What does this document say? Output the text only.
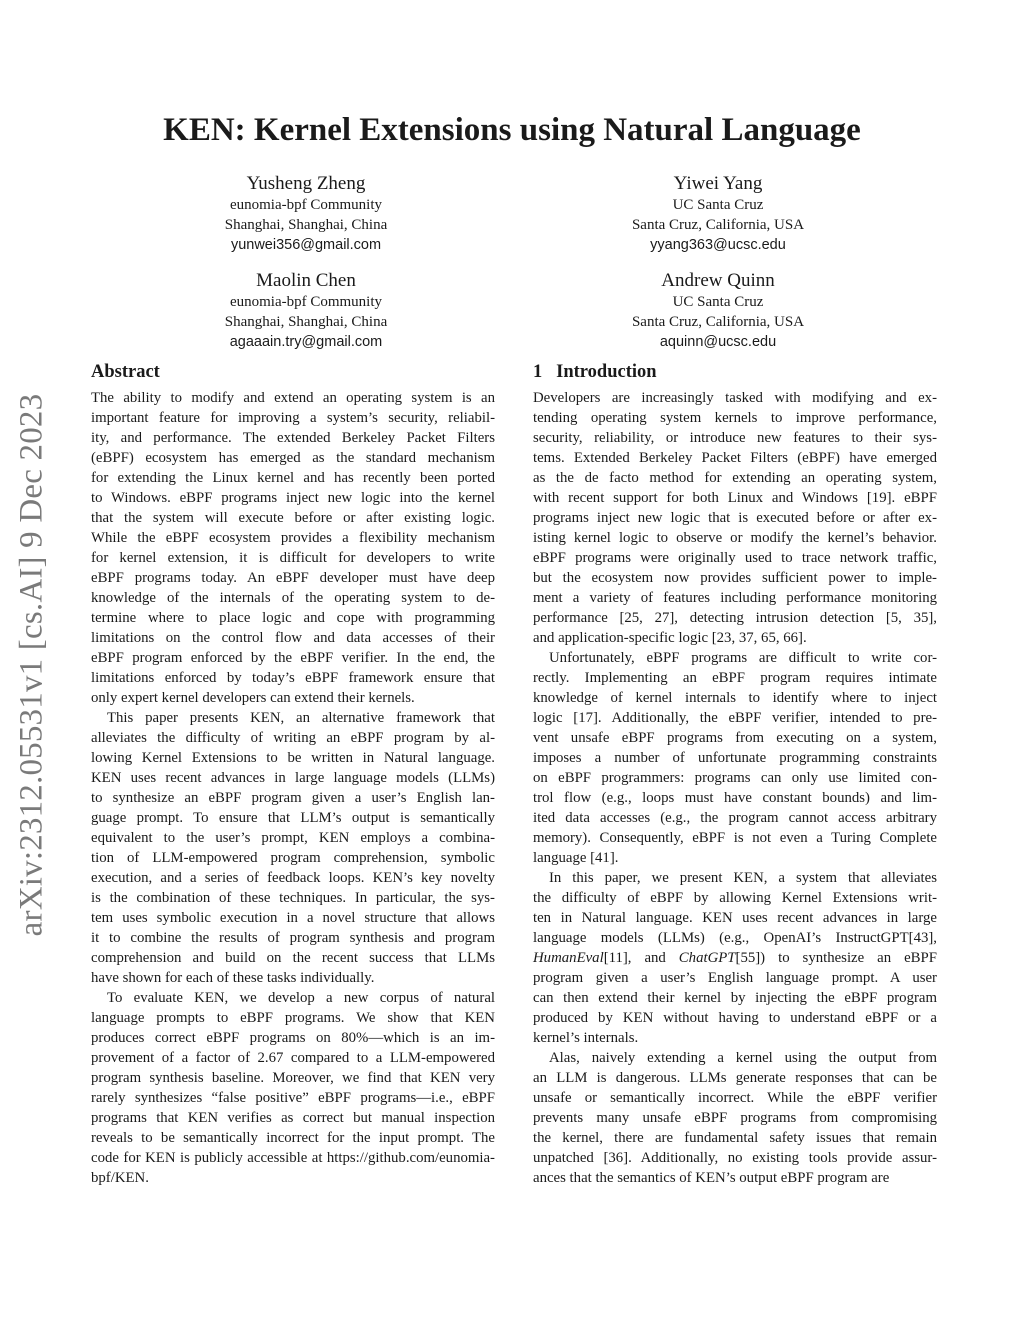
arXiv:2312.05531v1 [cs.AI] 9 Dec 2023
KEN: Kernel Extensions using Natural Language
Yusheng Zheng
eunomia-bpf Community
Shanghai, Shanghai, China
yunwei356@gmail.com
Yiwei Yang
UC Santa Cruz
Santa Cruz, California, USA
yyang363@ucsc.edu
Maolin Chen
eunomia-bpf Community
Shanghai, Shanghai, China
agaaain.try@gmail.com
Andrew Quinn
UC Santa Cruz
Santa Cruz, California, USA
aquinn@ucsc.edu
Abstract	1   Introduction
The ability to modify and extend an operating system is an
important feature for improving a system’s security, reliabil-
ity, and performance. The extended Berkeley Packet Filters
(eBPF) ecosystem has emerged as the standard mechanism
for extending the Linux kernel and has recently been ported
to Windows. eBPF programs inject new logic into the kernel
that the system will execute before or after existing logic.
While the eBPF ecosystem provides a flexibility mechanism
for kernel extension, it is difficult for developers to write
eBPF programs today. An eBPF developer must have deep
knowledge of the internals of the operating system to de-
termine where to place logic and cope with programming
limitations on the control flow and data accesses of their
eBPF program enforced by the eBPF verifier. In the end, the
limitations enforced by today’s eBPF framework ensure that
only expert kernel developers can extend their kernels.
This paper presents KEN, an alternative framework that
alleviates the difficulty of writing an eBPF program by al-
lowing Kernel Extensions to be written in Natural language.
KEN uses recent advances in large language models (LLMs)
to synthesize an eBPF program given a user’s English lan-
guage prompt. To ensure that LLM’s output is semantically
equivalent to the user’s prompt, KEN employs a combina-
tion of LLM-empowered program comprehension, symbolic
execution, and a series of feedback loops. KEN’s key novelty
is the combination of these techniques. In particular, the sys-
tem uses symbolic execution in a novel structure that allows
it to combine the results of program synthesis and program
comprehension and build on the recent success that LLMs
have shown for each of these tasks individually.
To evaluate KEN, we develop a new corpus of natural
language prompts to eBPF programs. We show that KEN
produces correct eBPF programs on 80%—which is an im-
provement of a factor of 2.67 compared to a LLM-empowered
program synthesis baseline. Moreover, we find that KEN very
rarely synthesizes “false positive” eBPF programs—i.e., eBPF
programs that KEN verifies as correct but manual inspection
reveals to be semantically incorrect for the input prompt. The
code for KEN is publicly accessible at https://github.com/eunomia-
bpf/KEN.
Developers are increasingly tasked with modifying and ex-
tending operating system kernels to improve performance,
security, reliability, or introduce new features to their sys-
tems. Extended Berkeley Packet Filters (eBPF) have emerged
as the de facto method for extending an operating system,
with recent support for both Linux and Windows [19]. eBPF
programs inject new logic that is executed before or after ex-
isting kernel logic to observe or modify the kernel’s behavior.
eBPF programs were originally used to trace network traffic,
but the ecosystem now provides sufficient power to imple-
ment a variety of features including performance monitoring
performance [25, 27], detecting intrusion detection [5, 35],
and application-specific logic [23, 37, 65, 66].
Unfortunately, eBPF programs are difficult to write cor-
rectly. Implementing an eBPF program requires intimate
knowledge of kernel internals to identify where to inject
logic [17]. Additionally, the eBPF verifier, intended to pre-
vent unsafe eBPF programs from executing on a system,
imposes a number of unfortunate programming constraints
on eBPF programmers: programs can only use limited con-
trol flow (e.g., loops must have constant bounds) and lim-
ited data accesses (e.g., the program cannot access arbitrary
memory). Consequently, eBPF is not even a Turing Complete
language [41].
In this paper, we present KEN, a system that alleviates
the difficulty of eBPF by allowing Kernel Extensions writ-
ten in Natural language. KEN uses recent advances in large
language models (LLMs) (e.g., OpenAI’s InstructGPT[43],
HumanEval[11], and ChatGPT[55]) to synthesize an eBPF
program given a user’s English language prompt. A user
can then extend their kernel by injecting the eBPF program
produced by KEN without having to understand eBPF or a
kernel’s internals.
Alas, naively extending a kernel using the output from
an LLM is dangerous. LLMs generate responses that can be
unsafe or semantically incorrect. While the eBPF verifier
prevents many unsafe eBPF programs from compromising
the kernel, there are fundamental safety issues that remain
unpatched [36]. Additionally, no existing tools provide assur-
ances that the semantics of KEN’s output eBPF program are
